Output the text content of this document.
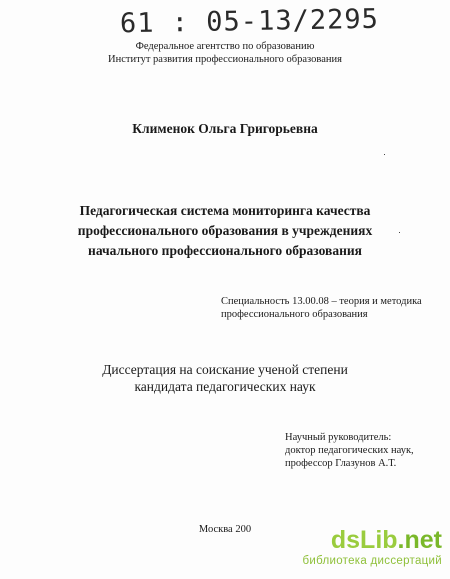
61 : 05-13/2295
Федеральное агентство по образованию
Институт развития профессионального образования
Клименок Ольга Григорьевна
Педагогическая система мониторинга качества
профессионального образования в учреждениях
начального профессионального образования
Специальность 13.00.08 – теория и методика
профессионального образования
Диссертация на соискание ученой степени
кандидата педагогических наук
Научный руководитель:
доктор педагогических наук,
профессор Глазунов А.Т.
Москва 200	dsLib.net
библиотека диссертаций
